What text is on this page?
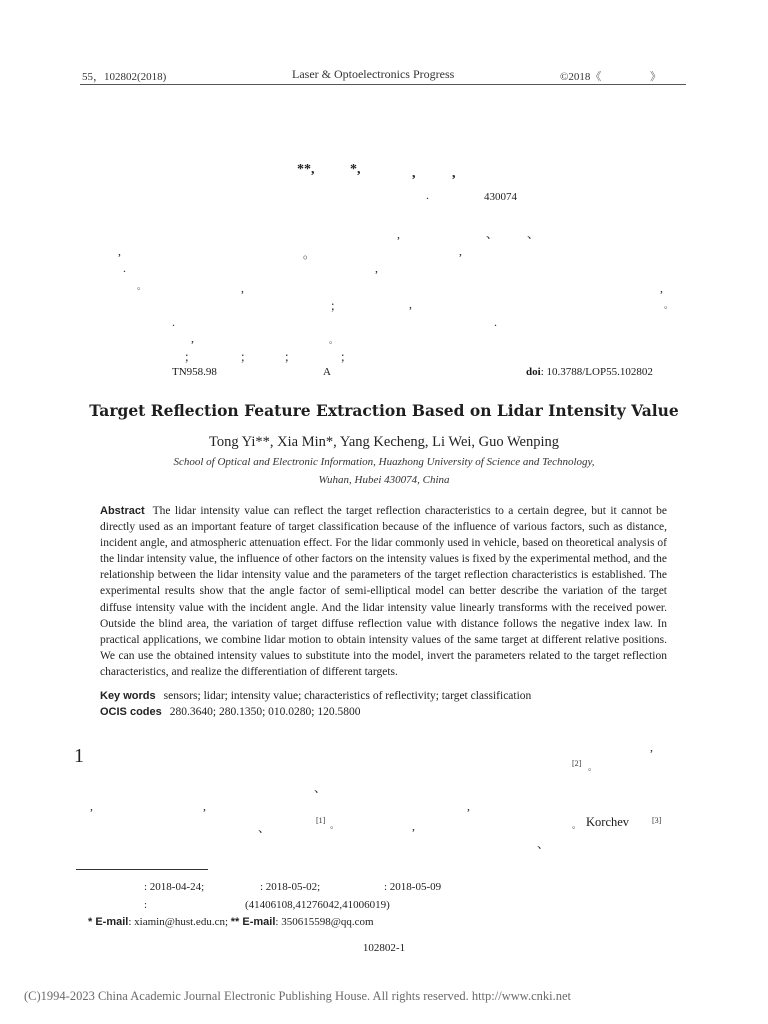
55，102802(2018)	Laser & Optoelectronics Progress	©2018《	》
**,	*,	,	,
.	430074
,
,
、 、
,
。
,
.
。	,	,
；	,	。
.	.
,	。
；	；	；	；
TN958.98	A	doi: 10.3788/LOP55.102802
Target Reflection Feature Extraction Based on Lidar Intensity Value
Tong Yi**, Xia Min*, Yang Kecheng, Li Wei, Guo Wenping
School of Optical and Electronic Information, Huazhong University of Science and Technology,
Wuhan, Hubei 430074, China
Abstract The lidar intensity value can reflect the target reflection characteristics to a certain degree, but it cannot be directly used as an important feature of target classification because of the influence of various factors, such as distance, incident angle, and atmospheric attenuation effect. For the lidar commonly used in vehicle, based on theoretical analysis of the lindar intensity value, the influence of other factors on the intensity values is fixed by the experimental method, and the relationship between the lidar intensity value and the parameters of the target reflection characteristics is established. The experimental results show that the angle factor of semi-elliptical model can better describe the variation of the target diffuse intensity value with the incident angle. And the lidar intensity value linearly transforms with the received power. Outside the blind area, the variation of target diffuse reflection value with distance follows the negative index law. In practical applications, we combine lidar motion to obtain intensity values of the same target at different relative positions. We can use the obtained intensity values to substitute into the model, invert the parameters related to the target reflection characteristics, and realize the differentiation of different targets.
Key words sensors; lidar; intensity value; characteristics of reflectivity; target classification
OCIS codes 280.3640; 280.1350; 010.0280; 120.5800
1	,
[2] 。
、
,	,	,
、
[1] 。	,	。 Korchev	[3]
、
: 2018-04-24;	: 2018-05-02;	: 2018-05-09
:	(41406108,41276042,41006019)
* E-mail: xiamin@hust.edu.cn; ** E-mail: 350615598@qq.com
102802-1
(C)1994-2023 China Academic Journal Electronic Publishing House. All rights reserved. http://www.cnki.net
